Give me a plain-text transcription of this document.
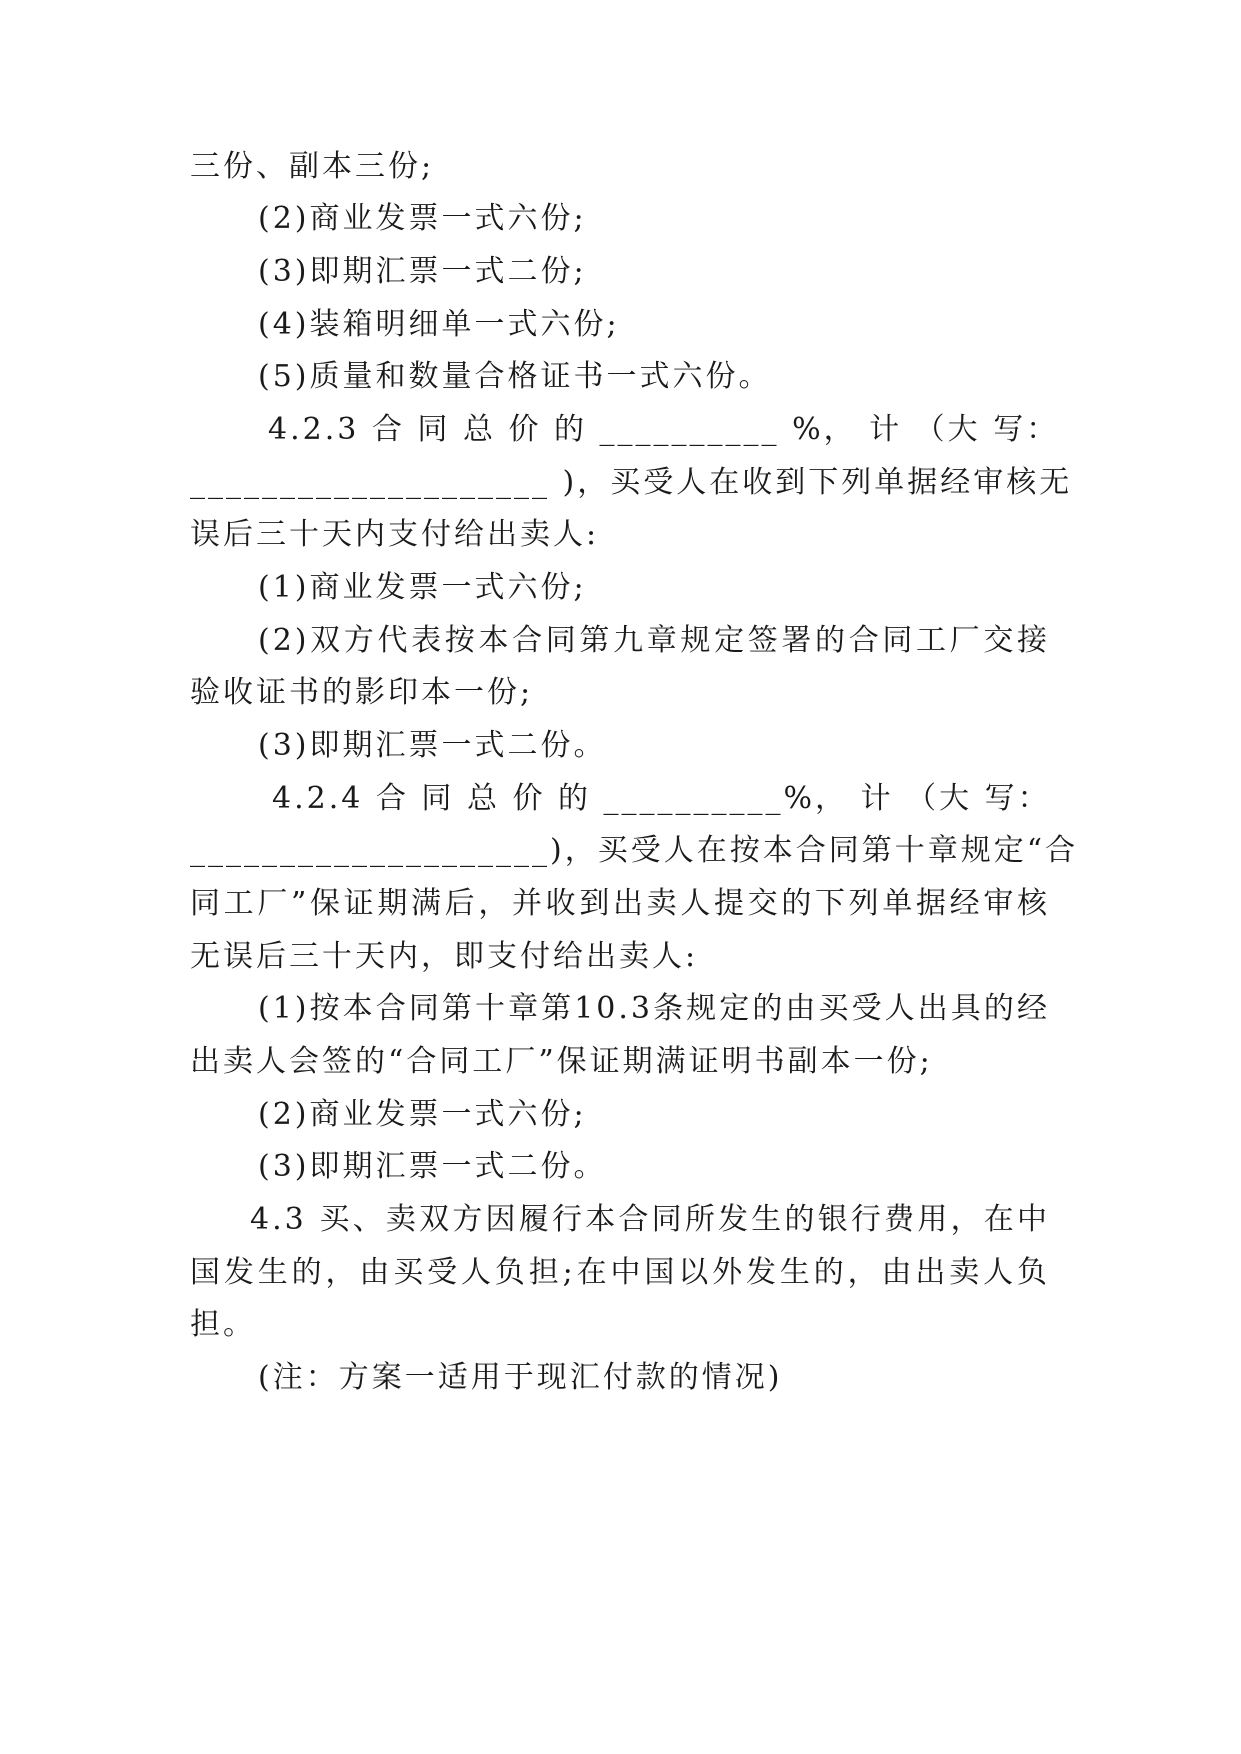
三份、副本三份;
(2)商业发票一式六份;
(3)即期汇票一式二份;
(4)装箱明细单一式六份;
(5)质量和数量合格证书一式六份。
4.2.3 合 同 总 价 的 __________ %， 计 （大 写：
____________________ )，买受人在收到下列单据经审核无
误后三十天内支付给出卖人:
(1)商业发票一式六份;
(2)双方代表按本合同第九章规定签署的合同工厂交接
验收证书的影印本一份;
(3)即期汇票一式二份。
4.2.4 合 同 总 价 的 __________%， 计 （大 写：
____________________)，买受人在按本合同第十章规定“合
同工厂”保证期满后，并收到出卖人提交的下列单据经审核
无误后三十天内，即支付给出卖人:
(1)按本合同第十章第10.3条规定的由买受人出具的经
出卖人会签的“合同工厂”保证期满证明书副本一份;
(2)商业发票一式六份;
(3)即期汇票一式二份。
4.3 买、卖双方因履行本合同所发生的银行费用，在中
国发生的，由买受人负担;在中国以外发生的，由出卖人负
担。
(注：方案一适用于现汇付款的情况)
